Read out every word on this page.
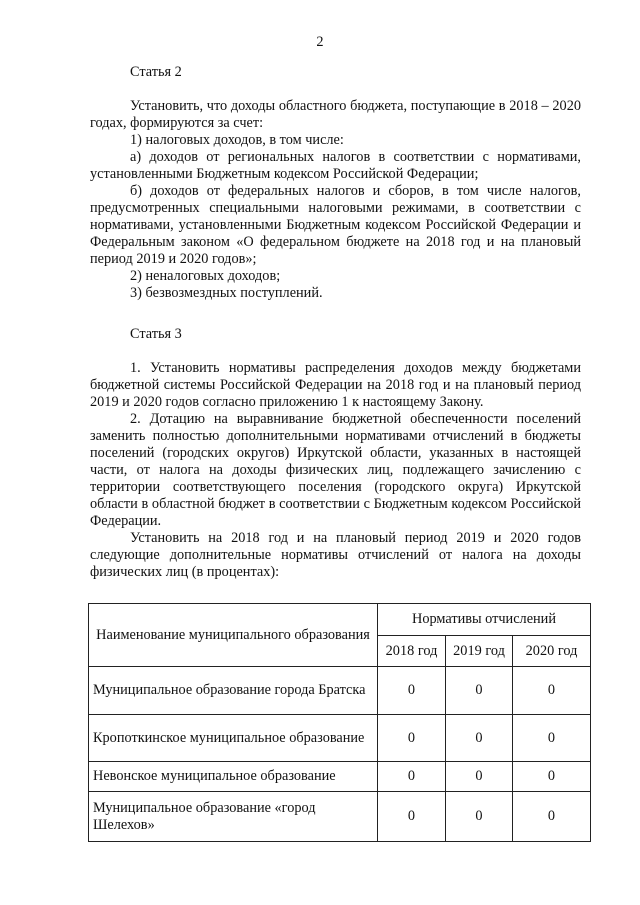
2
Статья 2

Установить, что доходы областного бюджета, поступающие в 2018 – 2020 годах, формируются за счет:

1) налоговых доходов, в том числе:

а) доходов от региональных налогов в соответствии с нормативами, установленными Бюджетным кодексом Российской Федерации;

б) доходов от федеральных налогов и сборов, в том числе налогов, предусмотренных специальными налоговыми режимами, в соответствии с нормативами, установленными Бюджетным кодексом Российской Федерации и Федеральным законом «О федеральном бюджете на 2018 год и на плановый период 2019 и 2020 годов»;

2) неналоговых доходов;

3) безвозмездных поступлений.

Статья 3

1. Установить нормативы распределения доходов между бюджетами бюджетной системы Российской Федерации на 2018 год и на плановый период 2019 и 2020 годов согласно приложению 1 к настоящему Закону.

2. Дотацию на выравнивание бюджетной обеспеченности поселений заменить полностью дополнительными нормативами отчислений в бюджеты поселений (городских округов) Иркутской области, указанных в настоящей части, от налога на доходы физических лиц, подлежащего зачислению с территории соответствующего поселения (городского округа) Иркутской области в областной бюджет в соответствии с Бюджетным кодексом Российской Федерации.

Установить на 2018 год и на плановый период 2019 и 2020 годов следующие дополнительные нормативы отчислений от налога на доходы физических лиц (в процентах):

Наименование муниципального образования	Нормативы отчислений		
	2018 год	2019 год	2020 год
Муниципальное образование города Братска	0	0	0
Кропоткинское муниципальное образование	0	0	0
Невонское муниципальное образование	0	0	0
Муниципальное образование «город Шелехов»	0	0	0
